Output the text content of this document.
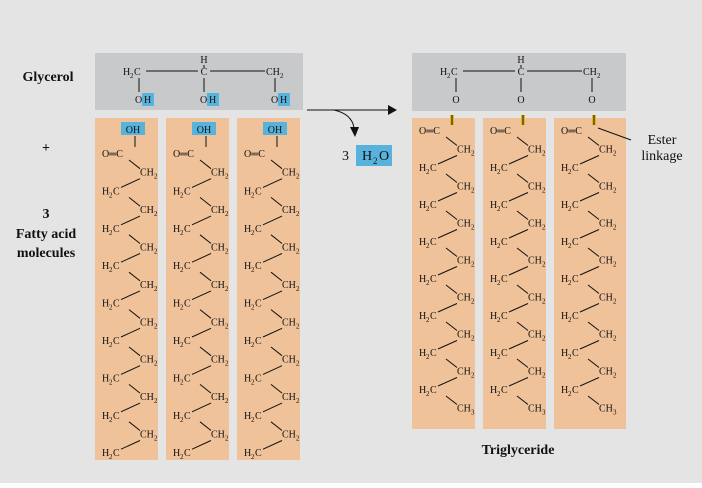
Glycerol
+
3
Fatty acid
molecules
H 2 C	C
H
CH 2
O H	O H	O H
H 2 C	C
H
CH 2
O	O	O
OH
O═C
CH 2
H 2 C
CH 2
H 2 C
CH 2
H 2 C
CH 2
H 2 C
CH 2
H 2 C
CH 2
H 2 C
CH 2
H 2 C
CH 2
H 2 C
OH
O═C
CH 2
H 2 C
CH 2
H 2 C
CH 2
H 2 C
CH 2
H 2 C
CH 2
H 2 C
CH 2
H 2 C
CH 2
H 2 C
CH 2
H 2 C
OH
O═C
CH 2
H 2 C
CH 2
H 2 C
CH 2
H 2 C
CH 2
H 2 C
CH 2
H 2 C
CH 2
H 2 C
CH 2
H 2 C
CH 2
H 2 C
O═C
CH 2
H 2 C
CH 2
H 2 C
CH 2
H 2 C
CH 2
H 2 C
CH 2
H 2 C
CH 2
H 2 C
CH 2
H 2 C
CH 3
O═C
CH 2
H 2 C
CH 2
H 2 C
CH 2
H 2 C
CH 2
H 2 C
CH 2
H 2 C
CH 2
H 2 C
CH 2
H 2 C
CH 3
O═C
CH 2
H 2 C
CH 2
H 2 C
CH 2
H 2 C
CH 2
H 2 C
CH 2
H 2 C
CH 2
H 2 C
CH 2
H 2 C
CH 3
3 H 2 O
Ester
linkage
Triglyceride
